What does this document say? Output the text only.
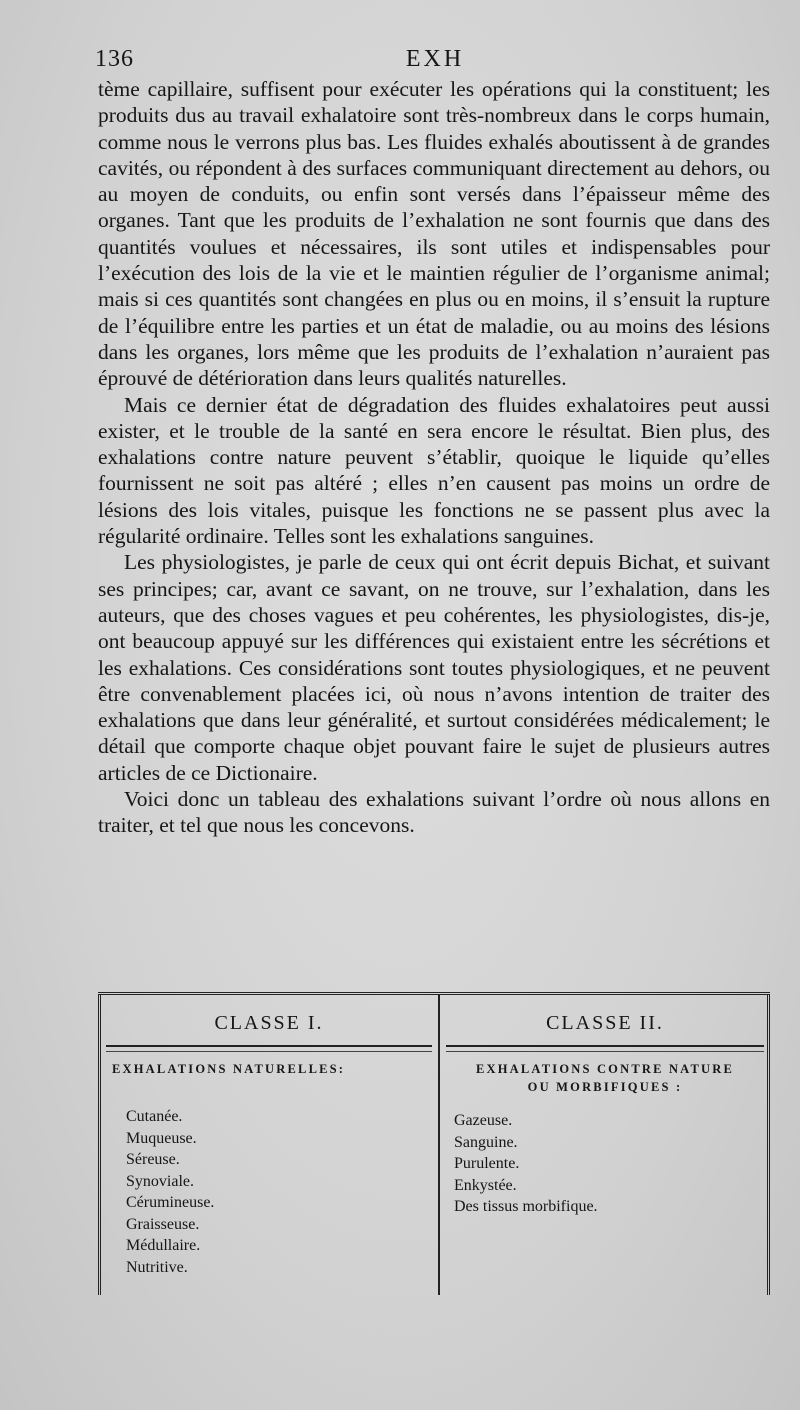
136	EXH

tème capillaire, suffisent pour exécuter les opérations qui la constituent; les produits dus au travail exhalatoire sont très-nombreux dans le corps humain, comme nous le verrons plus bas. Les fluides exhalés aboutissent à de grandes cavités, ou répondent à des surfaces communiquant directement au dehors, ou au moyen de conduits, ou enfin sont versés dans l’épaisseur même des organes. Tant que les produits de l’exhalation ne sont fournis que dans des quantités voulues et nécessaires, ils sont utiles et indispensables pour l’exécution des lois de la vie et le maintien régulier de l’organisme animal; mais si ces quantités sont changées en plus ou en moins, il s’ensuit la rupture de l’équilibre entre les parties et un état de maladie, ou au moins des lésions dans les organes, lors même que les produits de l’exhalation n’auraient pas éprouvé de détérioration dans leurs qualités naturelles.

Mais ce dernier état de dégradation des fluides exhalatoires peut aussi exister, et le trouble de la santé en sera encore le résultat. Bien plus, des exhalations contre nature peuvent s’établir, quoique le liquide qu’elles fournissent ne soit pas altéré ; elles n’en causent pas moins un ordre de lésions des lois vitales, puisque les fonctions ne se passent plus avec la régularité ordinaire. Telles sont les exhalations sanguines.

Les physiologistes, je parle de ceux qui ont écrit depuis Bichat, et suivant ses principes; car, avant ce savant, on ne trouve, sur l’exhalation, dans les auteurs, que des choses vagues et peu cohérentes, les physiologistes, dis-je, ont beaucoup appuyé sur les différences qui existaient entre les sécrétions et les exhalations. Ces considérations sont toutes physiologiques, et ne peuvent être convenablement placées ici, où nous n’avons intention de traiter des exhalations que dans leur généralité, et surtout considérées médicalement; le détail que comporte chaque objet pouvant faire le sujet de plusieurs autres articles de ce Dictionaire.

Voici donc un tableau des exhalations suivant l’ordre où nous allons en traiter, et tel que nous les concevons.

CLASSE I.
EXHALATIONS NATURELLES:
Cutanée.
Muqueuse.
Séreuse.
Synoviale.
Cérumineuse.
Graisseuse.
Médullaire.
Nutritive.
CLASSE II.
EXHALATIONS CONTRE NATURE
OU MORBIFIQUES :
Gazeuse.
Sanguine.
Purulente.
Enkystée.
Des tissus morbifique.
